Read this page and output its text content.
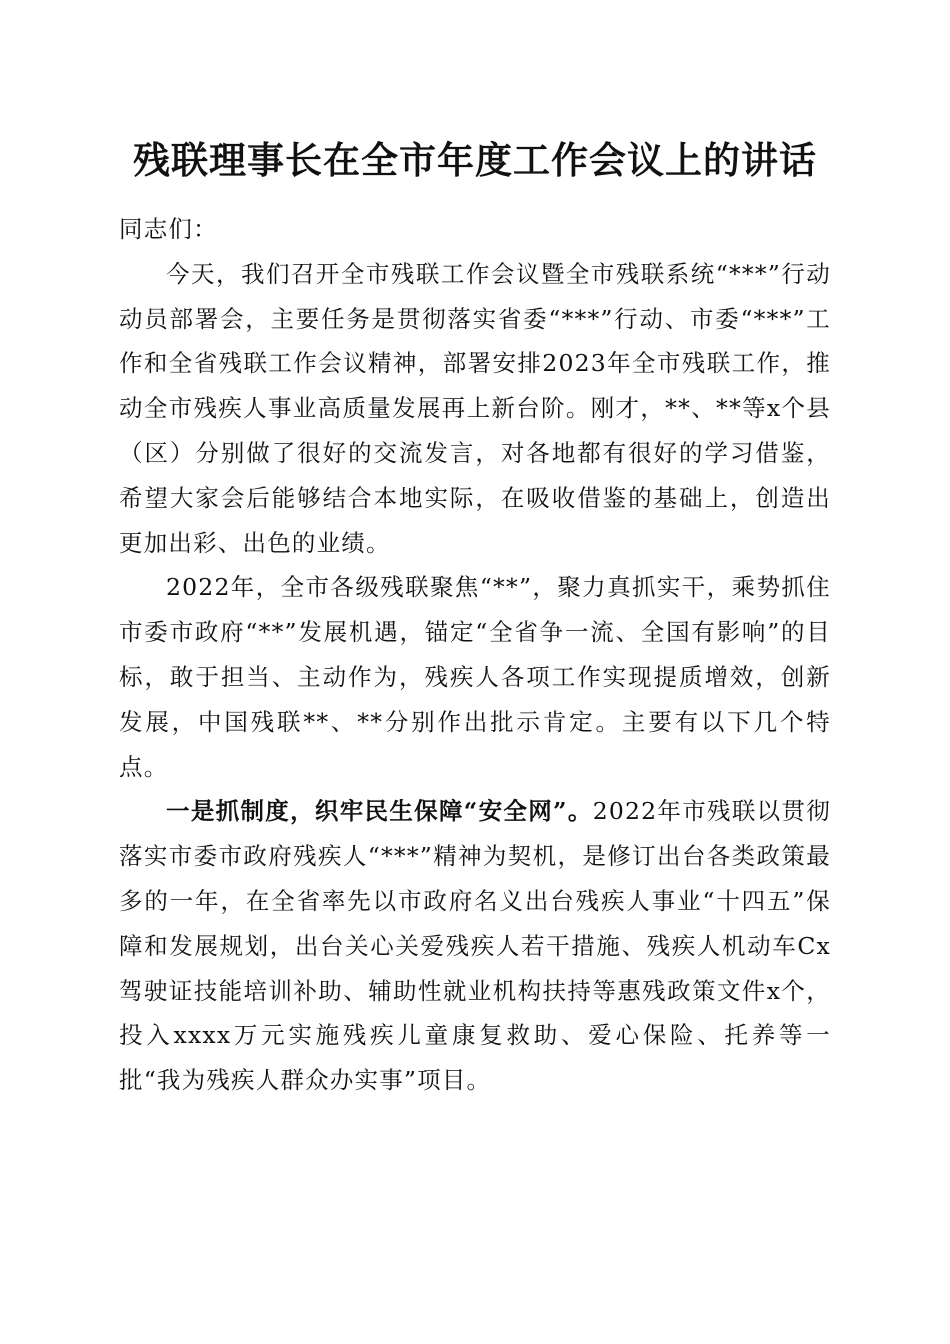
残联理事长在全市年度工作会议上的讲话

同志们：

今天，我们召开全市残联工作会议暨全市残联系统“***”行动动员部署会，主要任务是贯彻落实省委“***”行动、市委“***”工作和全省残联工作会议精神，部署安排2023年全市残联工作，推动全市残疾人事业高质量发展再上新台阶。刚才，**、**等x个县（区）分别做了很好的交流发言，对各地都有很好的学习借鉴，希望大家会后能够结合本地实际，在吸收借鉴的基础上，创造出更加出彩、出色的业绩。

2022年，全市各级残联聚焦“**”，聚力真抓实干，乘势抓住市委市政府“**”发展机遇，锚定“全省争一流、全国有影响”的目标，敢于担当、主动作为，残疾人各项工作实现提质增效，创新发展，中国残联**、**分别作出批示肯定。主要有以下几个特点。

一是抓制度，织牢民生保障“安全网”。2022年市残联以贯彻落实市委市政府残疾人“***”精神为契机，是修订出台各类政策最多的一年，在全省率先以市政府名义出台残疾人事业“十四五”保障和发展规划，出台关心关爱残疾人若干措施、残疾人机动车Cx驾驶证技能培训补助、辅助性就业机构扶持等惠残政策文件x个，投入xxxx万元实施残疾儿童康复救助、爱心保险、托养等一批“我为残疾人群众办实事”项目。
